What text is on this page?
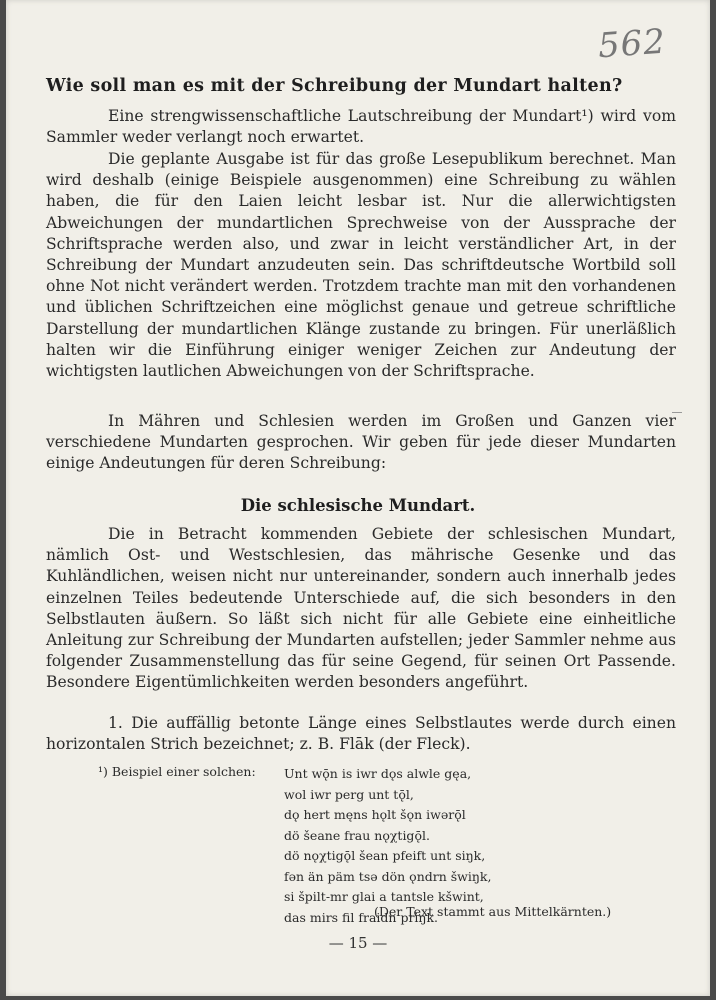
562
Wie soll man es mit der Schreibung der Mundart halten?
Eine strengwissenschaftliche Lautschreibung der Mundart¹) wird vom Sammler weder verlangt noch erwartet.
Die geplante Ausgabe ist für das große Lesepublikum berechnet. Man wird deshalb (einige Beispiele ausgenommen) eine Schreibung zu wählen haben, die für den Laien leicht lesbar ist. Nur die allerwichtigsten Abweichungen der mundartlichen Sprechweise von der Aussprache der Schriftsprache werden also, und zwar in leicht verständlicher Art, in der Schreibung der Mundart anzudeuten sein. Das schriftdeutsche Wortbild soll ohne Not nicht verändert werden. Trotzdem trachte man mit den vorhandenen und üblichen Schriftzeichen eine möglichst genaue und getreue schriftliche Darstellung der mundartlichen Klänge zustande zu bringen. Für unerläßlich halten wir die Einführung einiger weniger Zeichen zur Andeutung der wichtigsten lautlichen Abweichungen von der Schriftsprache.
In Mähren und Schlesien werden im Großen und Ganzen vier verschiedene Mundarten gesprochen. Wir geben für jede dieser Mundarten einige Andeutungen für deren Schreibung:
Die schlesische Mundart.
Die in Betracht kommenden Gebiete der schlesischen Mundart, nämlich Ost- und Westschlesien, das mährische Gesenke und das Kuhländlichen, weisen nicht nur untereinander, sondern auch innerhalb jedes einzelnen Teiles bedeutende Unterschiede auf, die sich besonders in den Selbstlauten äußern. So läßt sich nicht für alle Gebiete eine einheitliche Anleitung zur Schreibung der Mundarten aufstellen; jeder Sammler nehme aus folgender Zusammenstellung das für seine Gegend, für seinen Ort Passende. Besondere Eigentümlichkeiten werden besonders angeführt.
1. Die auffällig betonte Länge eines Selbstlautes werde durch einen horizontalen Strich bezeichnet; z. B. Flāk (der Fleck).
¹) Beispiel einer solchen:	Unt wǭn is iwr dǫs alwle gęa,
wol iwr perg unt tǭl,
dǫ hert męns hǫlt šǫn iwərǭl
dö šeane frau nǫχtigǭl.
dö nǫχtigǭl šean pfeift unt siŋk,
fən än päm tsə dön ǫndrn šwiŋk,
si špilt-mr glai a tantsle kšwint,
das mirs fil fraidn priŋk.
(Der Text stammt aus Mittelkärnten.)
— 15 —
